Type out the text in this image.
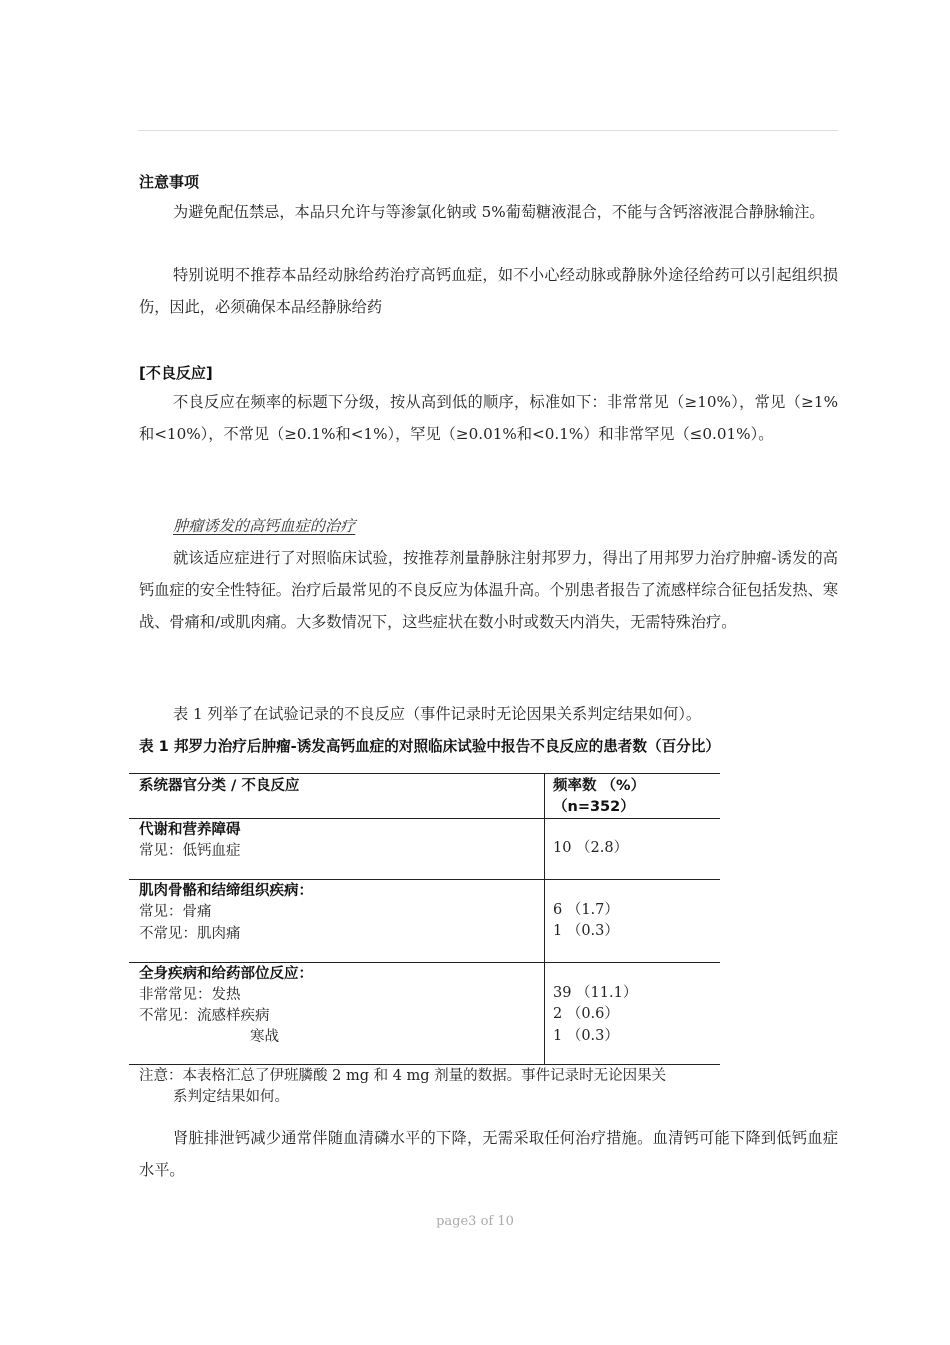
注意事项
为避免配伍禁忌，本品只允许与等渗氯化钠或 5%葡萄糖液混合，不能与含钙溶液混合静脉输注。
特别说明不推荐本品经动脉给药治疗高钙血症，如不小心经动脉或静脉外途径给药可以引起组织损伤，因此，必须确保本品经静脉给药
[不良反应]
不良反应在频率的标题下分级，按从高到低的顺序，标准如下：非常常见（≥10%），常见（≥1%和<10%），不常见（≥0.1%和<1%），罕见（≥0.01%和<0.1%）和非常罕见（≤0.01%）。
肿瘤诱发的高钙血症的治疗
就该适应症进行了对照临床试验，按推荐剂量静脉注射邦罗力，得出了用邦罗力治疗肿瘤-诱发的高钙血症的安全性特征。治疗后最常见的不良反应为体温升高。个别患者报告了流感样综合征包括发热、寒战、骨痛和/或肌肉痛。大多数情况下，这些症状在数小时或数天内消失，无需特殊治疗。
表 1 列举了在试验记录的不良反应（事件记录时无论因果关系判定结果如何）。
表 1 邦罗力治疗后肿瘤-诱发高钙血症的对照临床试验中报告不良反应的患者数（百分比）
系统器官分类 / 不良反应	频率数 （%）
（n=352）
代谢和营养障碍
常见：低钙血症	10 （2.8）
肌肉骨骼和结缔组织疾病：
常见：骨痛	6 （1.7）
不常见：肌肉痛	1 （0.3）
全身疾病和给药部位反应：
非常常见：发热	39 （11.1）
不常见：流感样疾病	2 （0.6）
寒战	1 （0.3）
注意：本表格汇总了伊班膦酸 2 mg 和 4 mg 剂量的数据。事件记录时无论因果关
系判定结果如何。
肾脏排泄钙减少通常伴随血清磷水平的下降，无需采取任何治疗措施。血清钙可能下降到低钙血症水平。
page3 of 10
